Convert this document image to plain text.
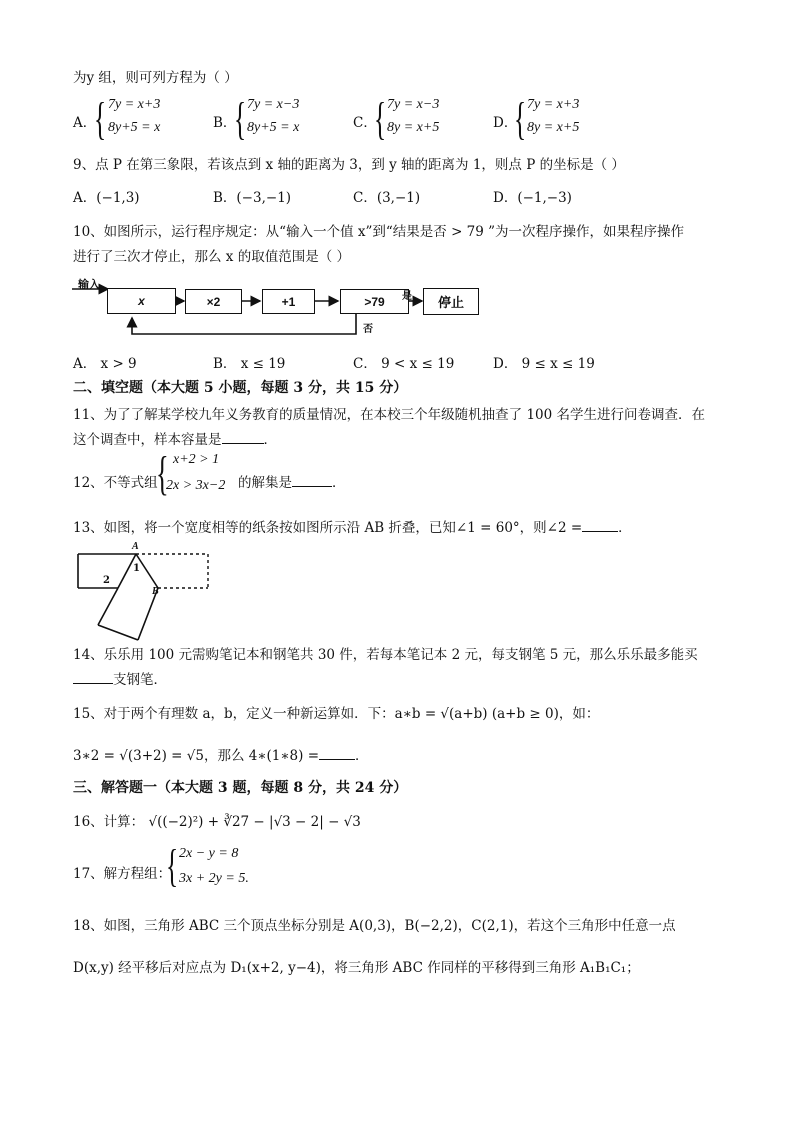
为y 组，则可列方程为（ ）
A．
{ 7y = x+3
8y+5 = x	B．
{ 7y = x−3
8y+5 = x	C．
{ 7y = x−3
8y = x+5	D．
{ 7y = x+3
8y = x+5
9、点 P 在第三象限，若该点到 x 轴的距离为 3，到 y 轴的距离为 1，则点 P 的坐标是（ ）
A．(−1,3)	B．(−3,−1)	C．(3,−1)	D．(−1,−3)
10、如图所示，运行程序规定：从“输入一个值 x”到“结果是否 > 79 ”为一次程序操作，如果程序操作
进行了三次才停止，那么 x 的取值范围是（ ）
输入
x	×2	+1	>79	停止
是
否
A． x > 9	B． x ≤ 19	C． 9 < x ≤ 19	D． 9 ≤ x ≤ 19
二、填空题（本大题 5 小题，每题 3 分，共 15 分）
11、为了了解某学校九年义务教育的质量情况，在本校三个年级随机抽查了 100 名学生进行问卷调查．在
这个调查中，样本容量是	．
12、不等式组
{ x+2 > 1
2x > 3x−2 的解集是	．
13、如图，将一个宽度相等的纸条按如图所示沿 AB 折叠，已知∠1 = 60°，则∠2 =	．
A
1
2
B
14、乐乐用 100 元需购笔记本和钢笔共 30 件，若每本笔记本 2 元，每支钢笔 5 元，那么乐乐最多能买
支钢笔．
15、对于两个有理数 a，b，定义一种新运算如．下：a∗b = √(a+b) (a+b ≥ 0)，如：
3∗2 = √(3+2) = √5，那么 4∗(1∗8) =	．
三、解答题一（本大题 3 题，每题 8 分，共 24 分）
16、计算： √((−2)²) + ∛27 − |√3 − 2| − √3
17、解方程组：
{ 2x − y = 8
3x + 2y = 5.
18、如图，三角形 ABC 三个顶点坐标分别是 A(0,3)，B(−2,2)，C(2,1)，若这个三角形中任意一点
D(x,y) 经平移后对应点为 D₁(x+2, y−4)，将三角形 ABC 作同样的平移得到三角形 A₁B₁C₁；
